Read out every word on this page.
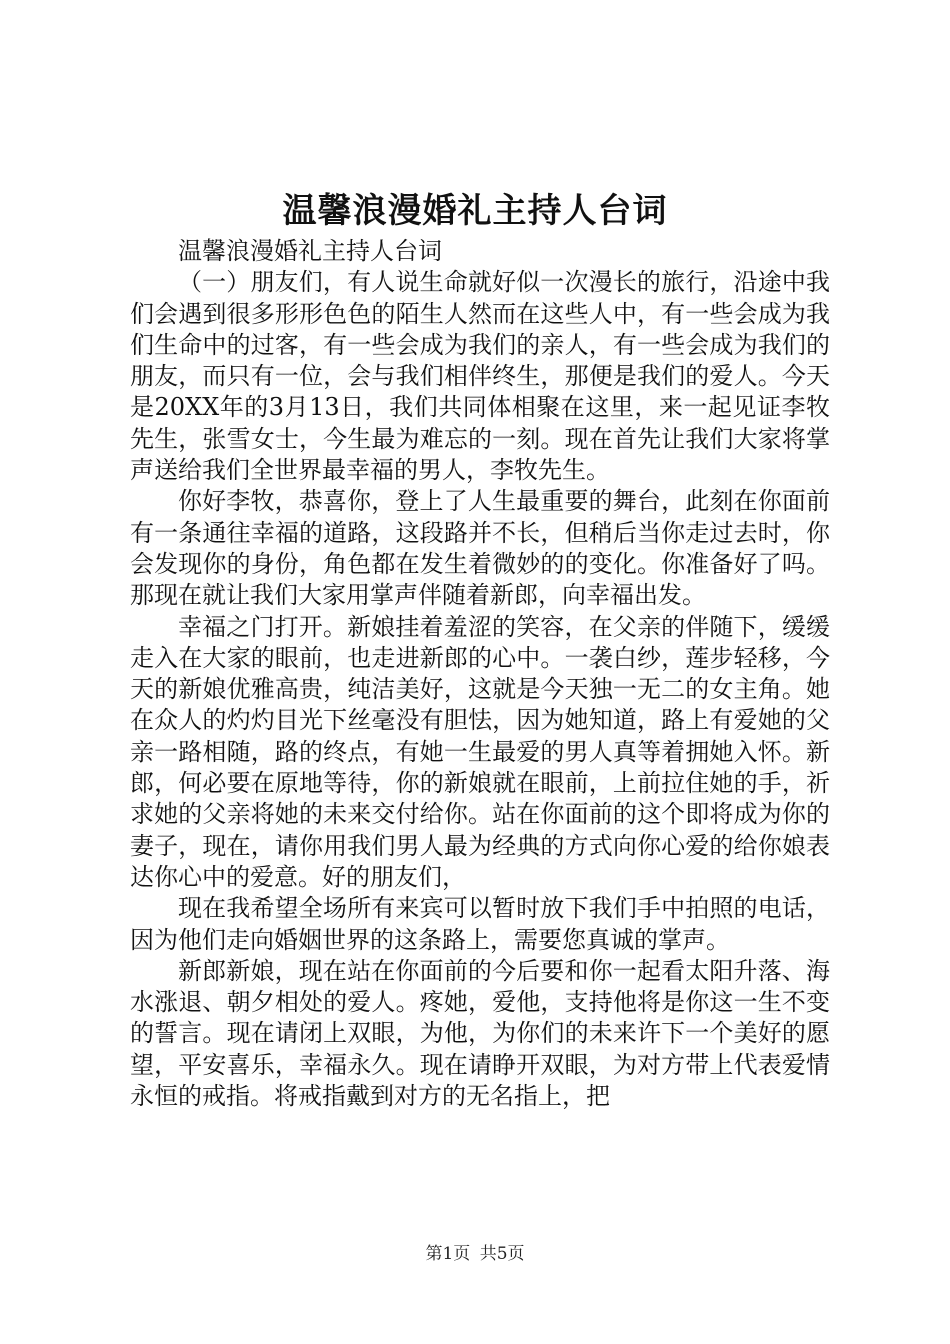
温馨浪漫婚礼主持人台词

温馨浪漫婚礼主持人台词

（一）朋友们，有人说生命就好似一次漫长的旅行，沿途中我们会遇到很多形形色色的陌生人然而在这些人中，有一些会成为我们生命中的过客，有一些会成为我们的亲人，有一些会成为我们的朋友，而只有一位，会与我们相伴终生，那便是我们的爱人。今天是20XX年的3月13日，我们共同体相聚在这里，来一起见证李牧先生，张雪女士，今生最为难忘的一刻。现在首先让我们大家将掌声送给我们全世界最幸福的男人，李牧先生。

你好李牧，恭喜你，登上了人生最重要的舞台，此刻在你面前有一条通往幸福的道路，这段路并不长，但稍后当你走过去时，你会发现你的身份，角色都在发生着微妙的的变化。你准备好了吗。那现在就让我们大家用掌声伴随着新郎，向幸福出发。

幸福之门打开。新娘挂着羞涩的笑容，在父亲的伴随下，缓缓走入在大家的眼前，也走进新郎的心中。一袭白纱，莲步轻移，今天的新娘优雅高贵，纯洁美好，这就是今天独一无二的女主角。她在众人的灼灼目光下丝毫没有胆怯，因为她知道，路上有爱她的父亲一路相随，路的终点，有她一生最爱的男人真等着拥她入怀。新郎，何必要在原地等待，你的新娘就在眼前，上前拉住她的手，祈求她的父亲将她的未来交付给你。站在你面前的这个即将成为你的妻子，现在，请你用我们男人最为经典的方式向你心爱的给你娘表达你心中的爱意。好的朋友们，

现在我希望全场所有来宾可以暂时放下我们手中拍照的电话，因为他们走向婚姻世界的这条路上，需要您真诚的掌声。

新郎新娘，现在站在你面前的今后要和你一起看太阳升落、海水涨退、朝夕相处的爱人。疼她，爱他，支持他将是你这一生不变的誓言。现在请闭上双眼，为他，为你们的未来许下一个美好的愿望，平安喜乐，幸福永久。现在请睁开双眼，为对方带上代表爱情永恒的戒指。将戒指戴到对方的无名指上，把

第1页 共5页
